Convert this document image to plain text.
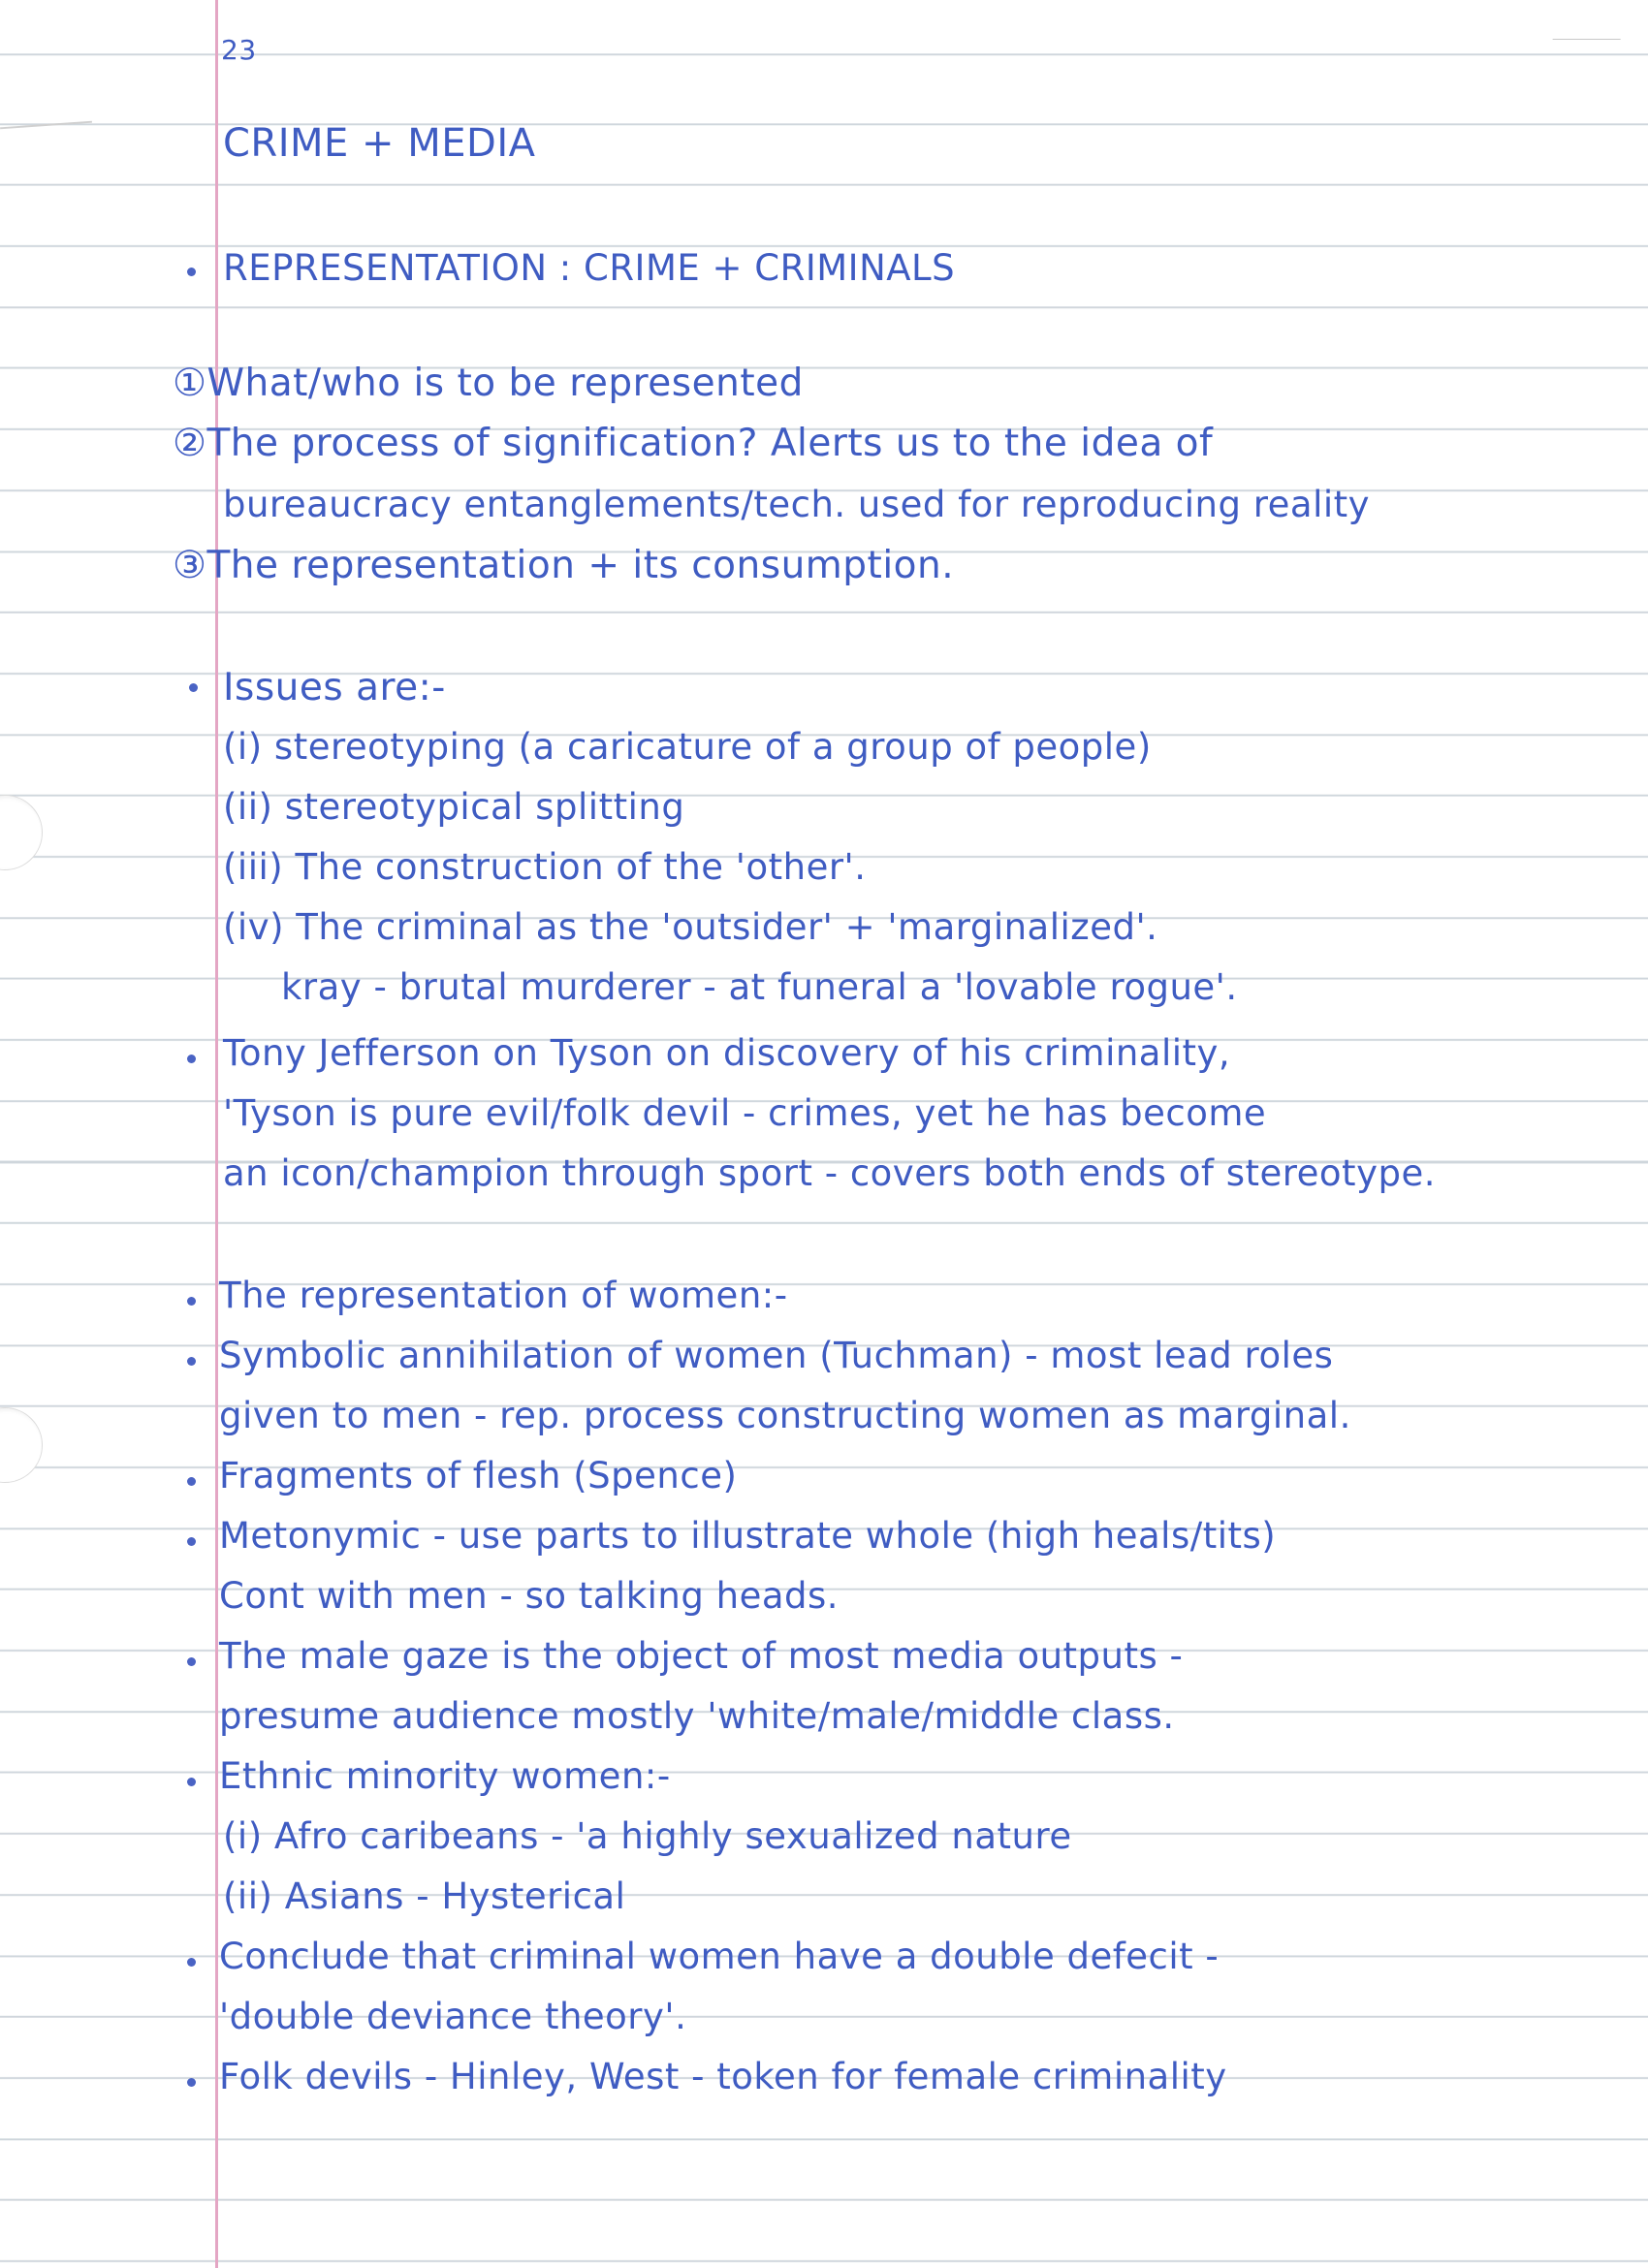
23
CRIME + MEDIA
REPRESENTATION : CRIME + CRIMINALS
①What/who is to be represented
②The process of signification? Alerts us to the idea of
bureaucracy entanglements/tech. used for reproducing reality
③The representation + its consumption.
Issues are:-
(i) stereotyping (a caricature of a group of people)
(ii) stereotypical splitting
(iii) The construction of the 'other'.
(iv) The criminal as the 'outsider' + 'marginalized'.
kray - brutal murderer - at funeral a 'lovable rogue'.
Tony Jefferson on Tyson on discovery of his criminality,
'Tyson is pure evil/folk devil - crimes, yet he has become
an icon/champion through sport - covers both ends of stereotype.
The representation of women:-
Symbolic annihilation of women (Tuchman) - most lead roles
given to men - rep. process constructing women as marginal.
Fragments of flesh (Spence)
Metonymic - use parts to illustrate whole (high heals/tits)
Cont with men - so talking heads.
The male gaze is the object of most media outputs -
presume audience mostly 'white/male/middle class.
Ethnic minority women:-
(i) Afro caribeans - 'a highly sexualized nature
(ii) Asians - Hysterical
Conclude that criminal women have a double defecit -
'double deviance theory'.
Folk devils - Hinley, West - token for female criminality
